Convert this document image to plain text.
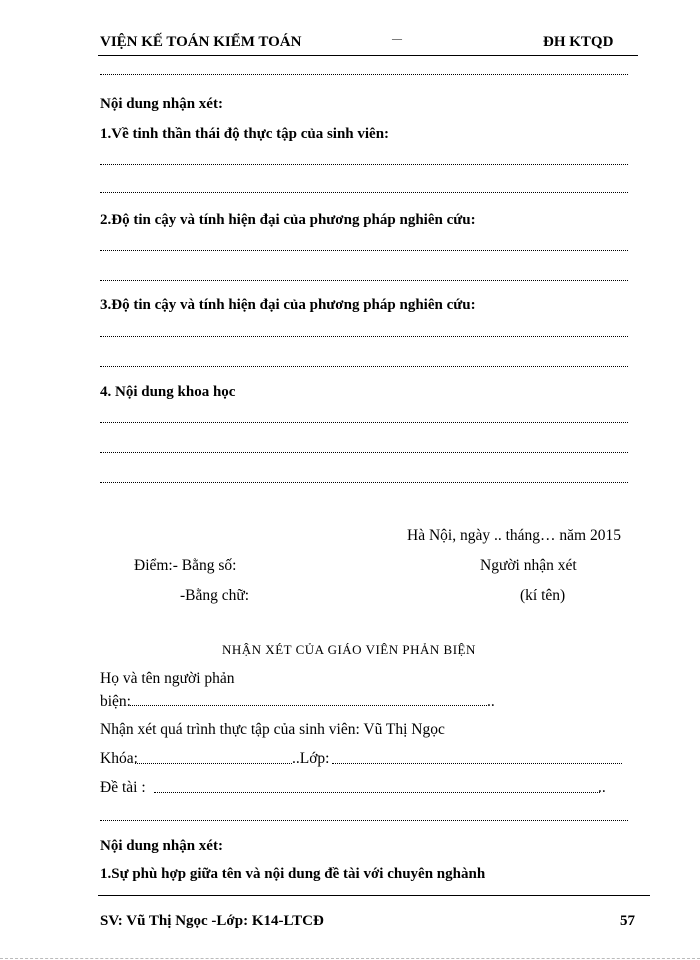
VIỆN KẾ TOÁN KIỂM TOÁN	—	ĐH KTQD
Nội dung nhận xét:
1.Về tinh thần thái độ thực tập của sinh viên:
2.Độ tin cậy và tính hiện đại của phương pháp nghiên cứu:
3.Độ tin cậy và tính hiện đại của phương pháp nghiên cứu:
4. Nội dung khoa học
Hà Nội, ngày .. tháng… năm 2015
Điểm:- Bằng số:	Người nhận xét
-Bằng chữ:	(kí tên)
NHẬN XÉT CỦA GIÁO VIÊN PHẢN BIỆN
Họ và tên người phản
biện:	..
Nhận xét quá trình thực tập của sinh viên: Vũ Thị Ngọc
Khóa:	..Lớp:
Đề tài :	..
Nội dung nhận xét:
1.Sự phù hợp giữa tên và nội dung đề tài với chuyên nghành
SV: Vũ Thị Ngọc -Lớp: K14-LTCĐ	57
